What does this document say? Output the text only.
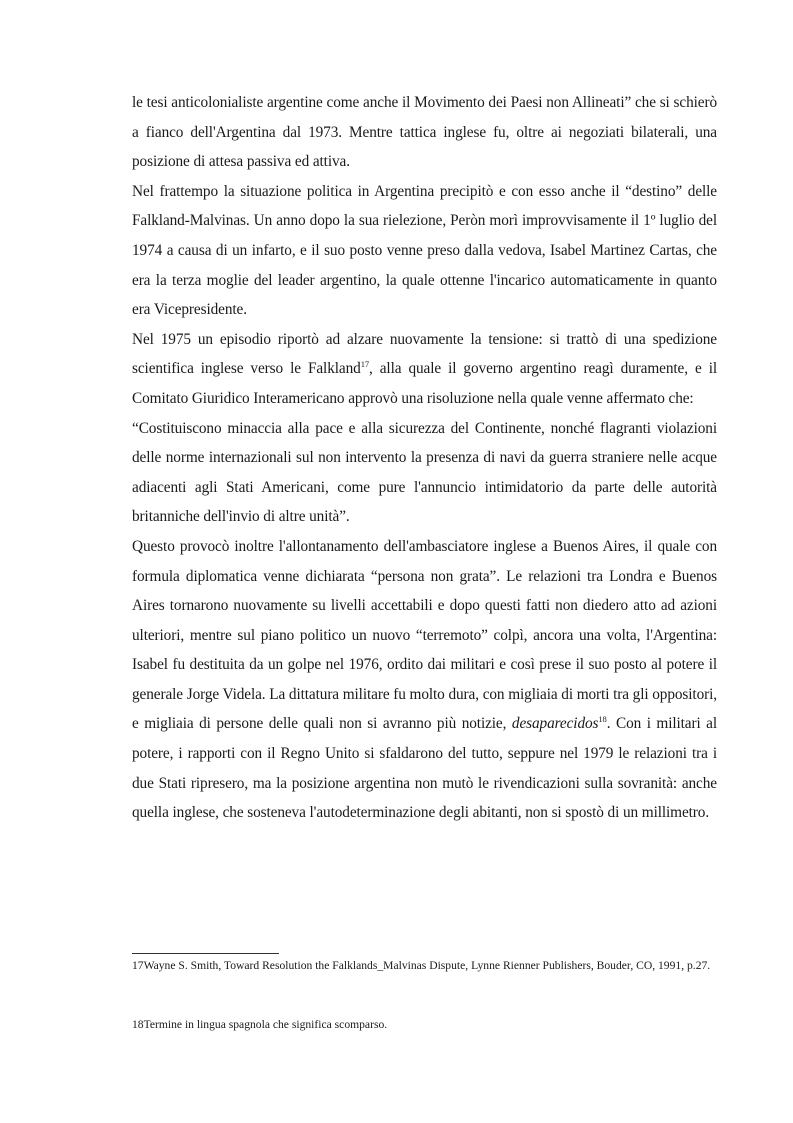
le tesi anticolonialiste argentine come anche il Movimento dei Paesi non Allineati” che si schierò a fianco dell'Argentina dal 1973. Mentre tattica inglese fu, oltre ai negoziati bilaterali, una posizione di attesa passiva ed attiva.

Nel frattempo la situazione politica in Argentina precipitò e con esso anche il “destino” delle Falkland-Malvinas. Un anno dopo la sua rielezione, Peròn morì improvvisamente il 1º luglio del 1974 a causa di un infarto, e il suo posto venne preso dalla vedova, Isabel Martinez Cartas, che era la terza moglie del leader argentino, la quale ottenne l'incarico automaticamente in quanto era Vicepresidente.

Nel 1975 un episodio riportò ad alzare nuovamente la tensione: si trattò di una spedizione scientifica inglese verso le Falkland$^{17}$, alla quale il governo argentino reagì duramente, e il Comitato Giuridico Interamericano approvò una risoluzione nella quale venne affermato che:

“Costituiscono minaccia alla pace e alla sicurezza del Continente, nonché flagranti violazioni delle norme internazionali sul non intervento la presenza di navi da guerra straniere nelle acque adiacenti agli Stati Americani, come pure l'annuncio intimidatorio da parte delle autorità britanniche dell'invio di altre unità”.

Questo provocò inoltre l'allontanamento dell'ambasciatore inglese a Buenos Aires, il quale con formula diplomatica venne dichiarata “persona non grata”. Le relazioni tra Londra e Buenos Aires tornarono nuovamente su livelli accettabili e dopo questi fatti non diedero atto ad azioni ulteriori, mentre sul piano politico un nuovo “terremoto” colpì, ancora una volta, l'Argentina: Isabel fu destituita da un golpe nel 1976, ordito dai militari e così prese il suo posto al potere il generale Jorge Videla. La dittatura militare fu molto dura, con migliaia di morti tra gli oppositori, e migliaia di persone delle quali non si avranno più notizie, desaparecidos$^{18}$. Con i militari al potere, i rapporti con il Regno Unito si sfaldarono del tutto, seppure nel 1979 le relazioni tra i due Stati ripresero, ma la posizione argentina non mutò le rivendicazioni sulla sovranità: anche quella inglese, che sosteneva l'autodeterminazione degli abitanti, non si spostò di un millimetro.

17Wayne S. Smith, Toward Resolution the Falklands_Malvinas Dispute, Lynne Rienner Publishers, Bouder, CO, 1991, p.27.
18Termine in lingua spagnola che significa scomparso.
